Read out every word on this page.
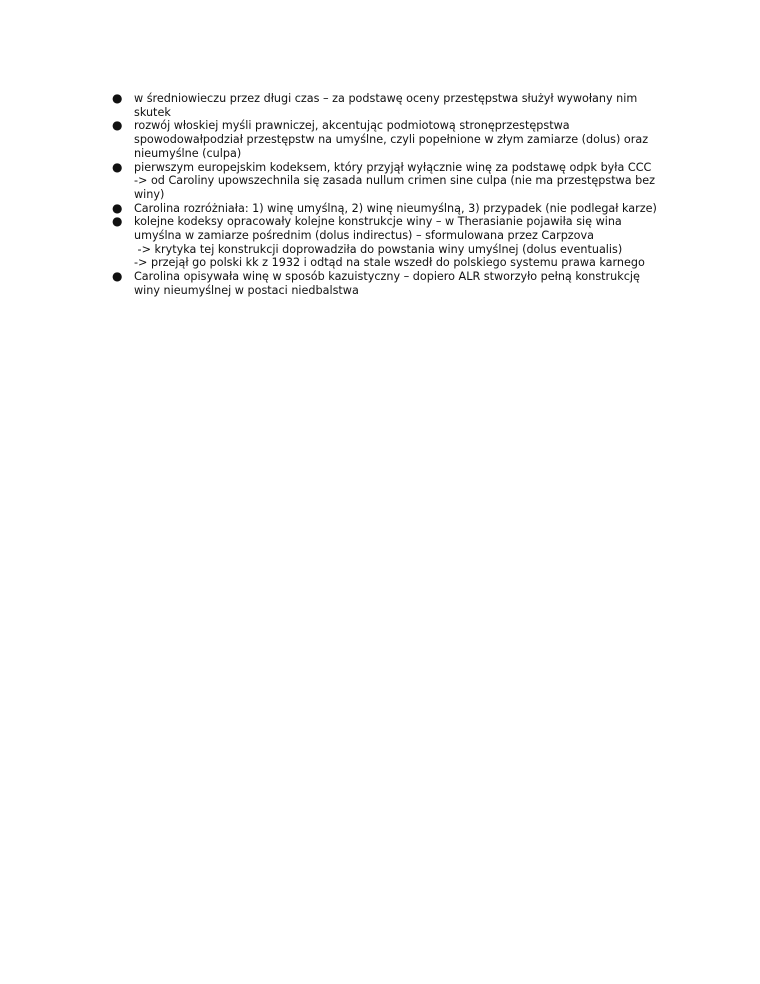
● w średniowieczu przez długi czas – za podstawę oceny przestępstwa służył wywołany nim
skutek
● rozwój włoskiej myśli prawniczej, akcentując podmiotową stronęprzestępstwa
spowodowałpodział przestępstw na umyślne, czyli popełnione w złym zamiarze (dolus) oraz
nieumyślne (culpa)
● pierwszym europejskim kodeksem, który przyjął wyłącznie winę za podstawę odpk była CCC
-> od Caroliny upowszechnila się zasada nullum crimen sine culpa (nie ma przestępstwa bez
winy)
● Carolina rozróżniała: 1) winę umyślną, 2) winę nieumyślną, 3) przypadek (nie podlegał karze)
● kolejne kodeksy opracowały kolejne konstrukcje winy – w Therasianie pojawiła się wina
umyślna w zamiarze pośrednim (dolus indirectus) – sformulowana przez Carpzova
-> krytyka tej konstrukcji doprowadziła do powstania winy umyślnej (dolus eventualis)
-> przejął go polski kk z 1932 i odtąd na stale wszedł do polskiego systemu prawa karnego
● Carolina opisywała winę w sposób kazuistyczny – dopiero ALR stworzyło pełną konstrukcję
winy nieumyślnej w postaci niedbalstwa
